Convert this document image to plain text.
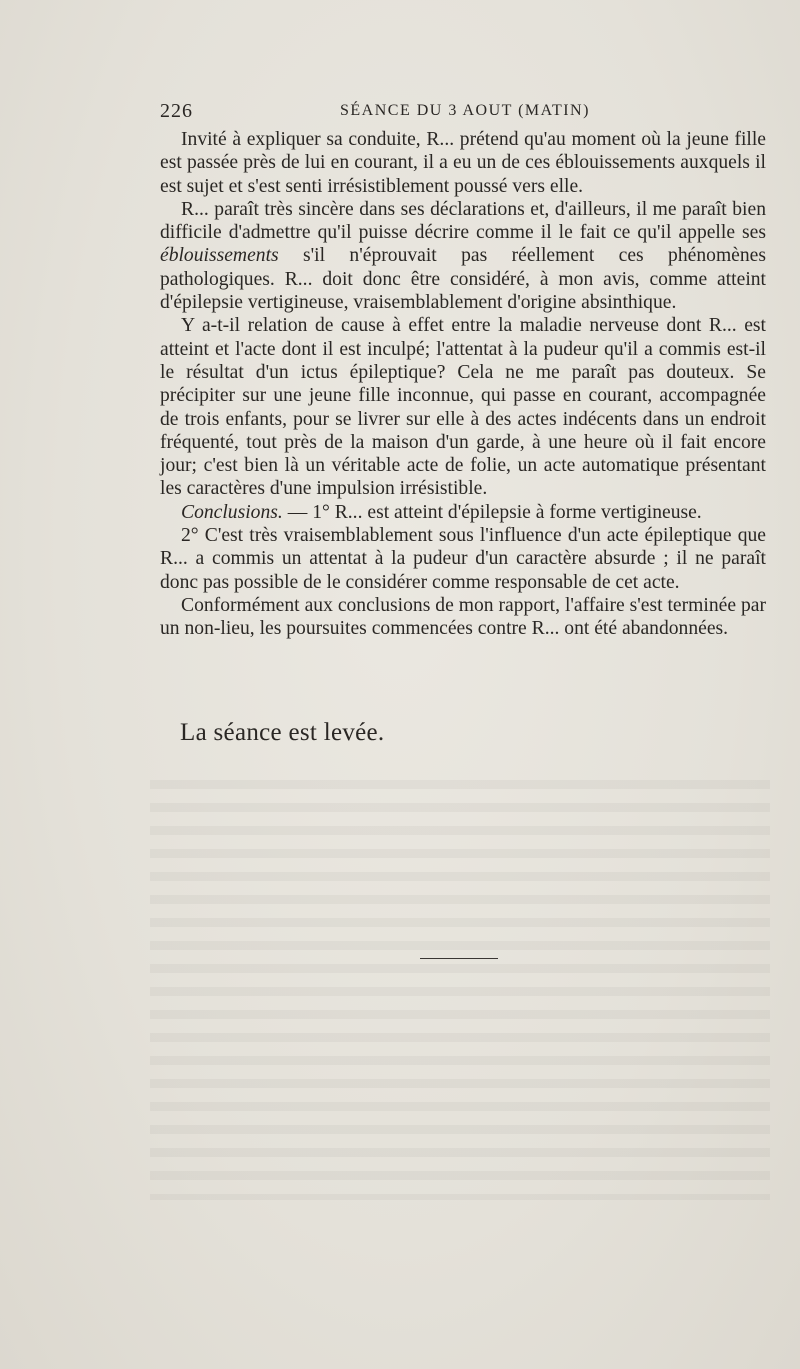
226	SÉANCE DU 3 AOUT (MATIN)

Invité à expliquer sa conduite, R... prétend qu'au moment où la jeune fille est passée près de lui en courant, il a eu un de ces éblouissements auxquels il est sujet et s'est senti irrésistiblement poussé vers elle.

R... paraît très sincère dans ses déclarations et, d'ailleurs, il me paraît bien difficile d'admettre qu'il puisse décrire comme il le fait ce qu'il appelle ses éblouissements s'il n'éprouvait pas réellement ces phénomènes pathologiques. R... doit donc être considéré, à mon avis, comme atteint d'épilepsie vertigineuse, vraisemblablement d'origine absinthique.

Y a-t-il relation de cause à effet entre la maladie nerveuse dont R... est atteint et l'acte dont il est inculpé; l'attentat à la pudeur qu'il a commis est-il le résultat d'un ictus épileptique? Cela ne me paraît pas douteux. Se précipiter sur une jeune fille inconnue, qui passe en courant, accompagnée de trois enfants, pour se livrer sur elle à des actes indécents dans un endroit fréquenté, tout près de la maison d'un garde, à une heure où il fait encore jour; c'est bien là un véritable acte de folie, un acte automatique présentant les caractères d'une impulsion irrésistible.

Conclusions. — 1° R... est atteint d'épilepsie à forme vertigineuse.

2° C'est très vraisemblablement sous l'influence d'un acte épileptique que R... a commis un attentat à la pudeur d'un caractère absurde ; il ne paraît donc pas possible de le considérer comme responsable de cet acte.

Conformément aux conclusions de mon rapport, l'affaire s'est terminée par un non-lieu, les poursuites commencées contre R... ont été abandonnées.

La séance est levée.
